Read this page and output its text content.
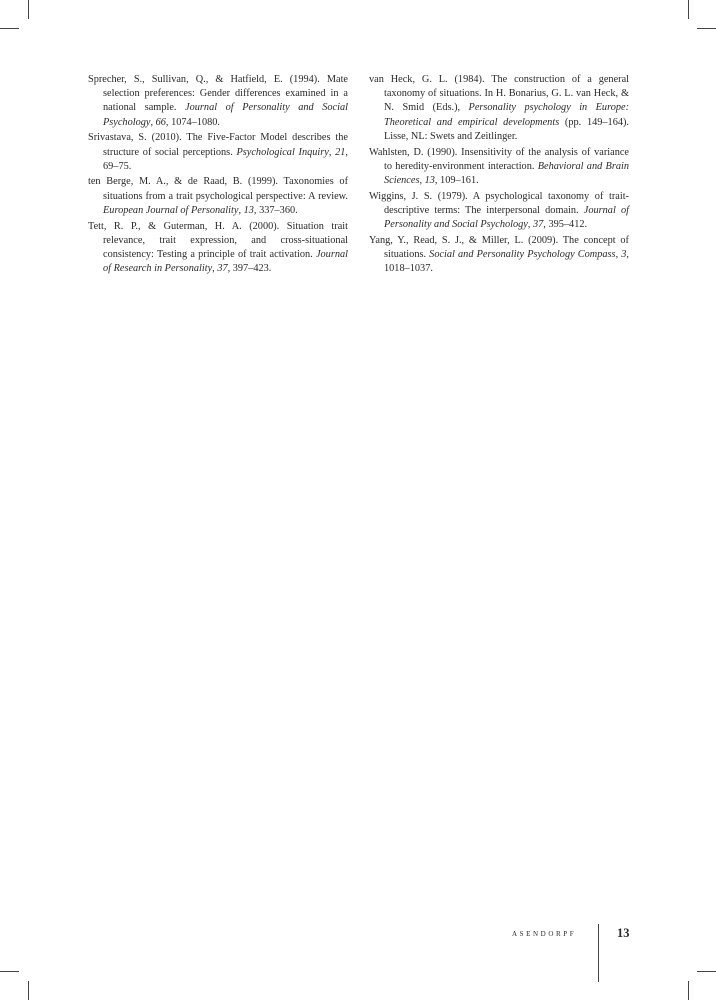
Sprecher, S., Sullivan, Q., & Hatfield, E. (1994). Mate selection preferences: Gender differences examined in a national sample. Journal of Personality and Social Psychology, 66, 1074–1080.

Srivastava, S. (2010). The Five-Factor Model describes the structure of social perceptions. Psychological Inquiry, 21, 69–75.

ten Berge, M. A., & de Raad, B. (1999). Taxonomies of situations from a trait psychological perspective: A review. European Journal of Personality, 13, 337–360.

Tett, R. P., & Guterman, H. A. (2000). Situation trait relevance, trait expression, and cross-situational consistency: Testing a principle of trait activation. Journal of Research in Personality, 37, 397–423.

van Heck, G. L. (1984). The construction of a general taxonomy of situations. In H. Bonarius, G. L. van Heck, & N. Smid (Eds.), Personality psychology in Europe: Theoretical and empirical developments (pp. 149–164). Lisse, NL: Swets and Zeitlinger.

Wahlsten, D. (1990). Insensitivity of the analysis of variance to heredity-environment interaction. Behavioral and Brain Sciences, 13, 109–161.

Wiggins, J. S. (1979). A psychological taxonomy of trait-descriptive terms: The interpersonal domain. Journal of Personality and Social Psychology, 37, 395–412.

Yang, Y., Read, S. J., & Miller, L. (2009). The concept of situations. Social and Personality Psychology Compass, 3, 1018–1037.

asendorpf	13
